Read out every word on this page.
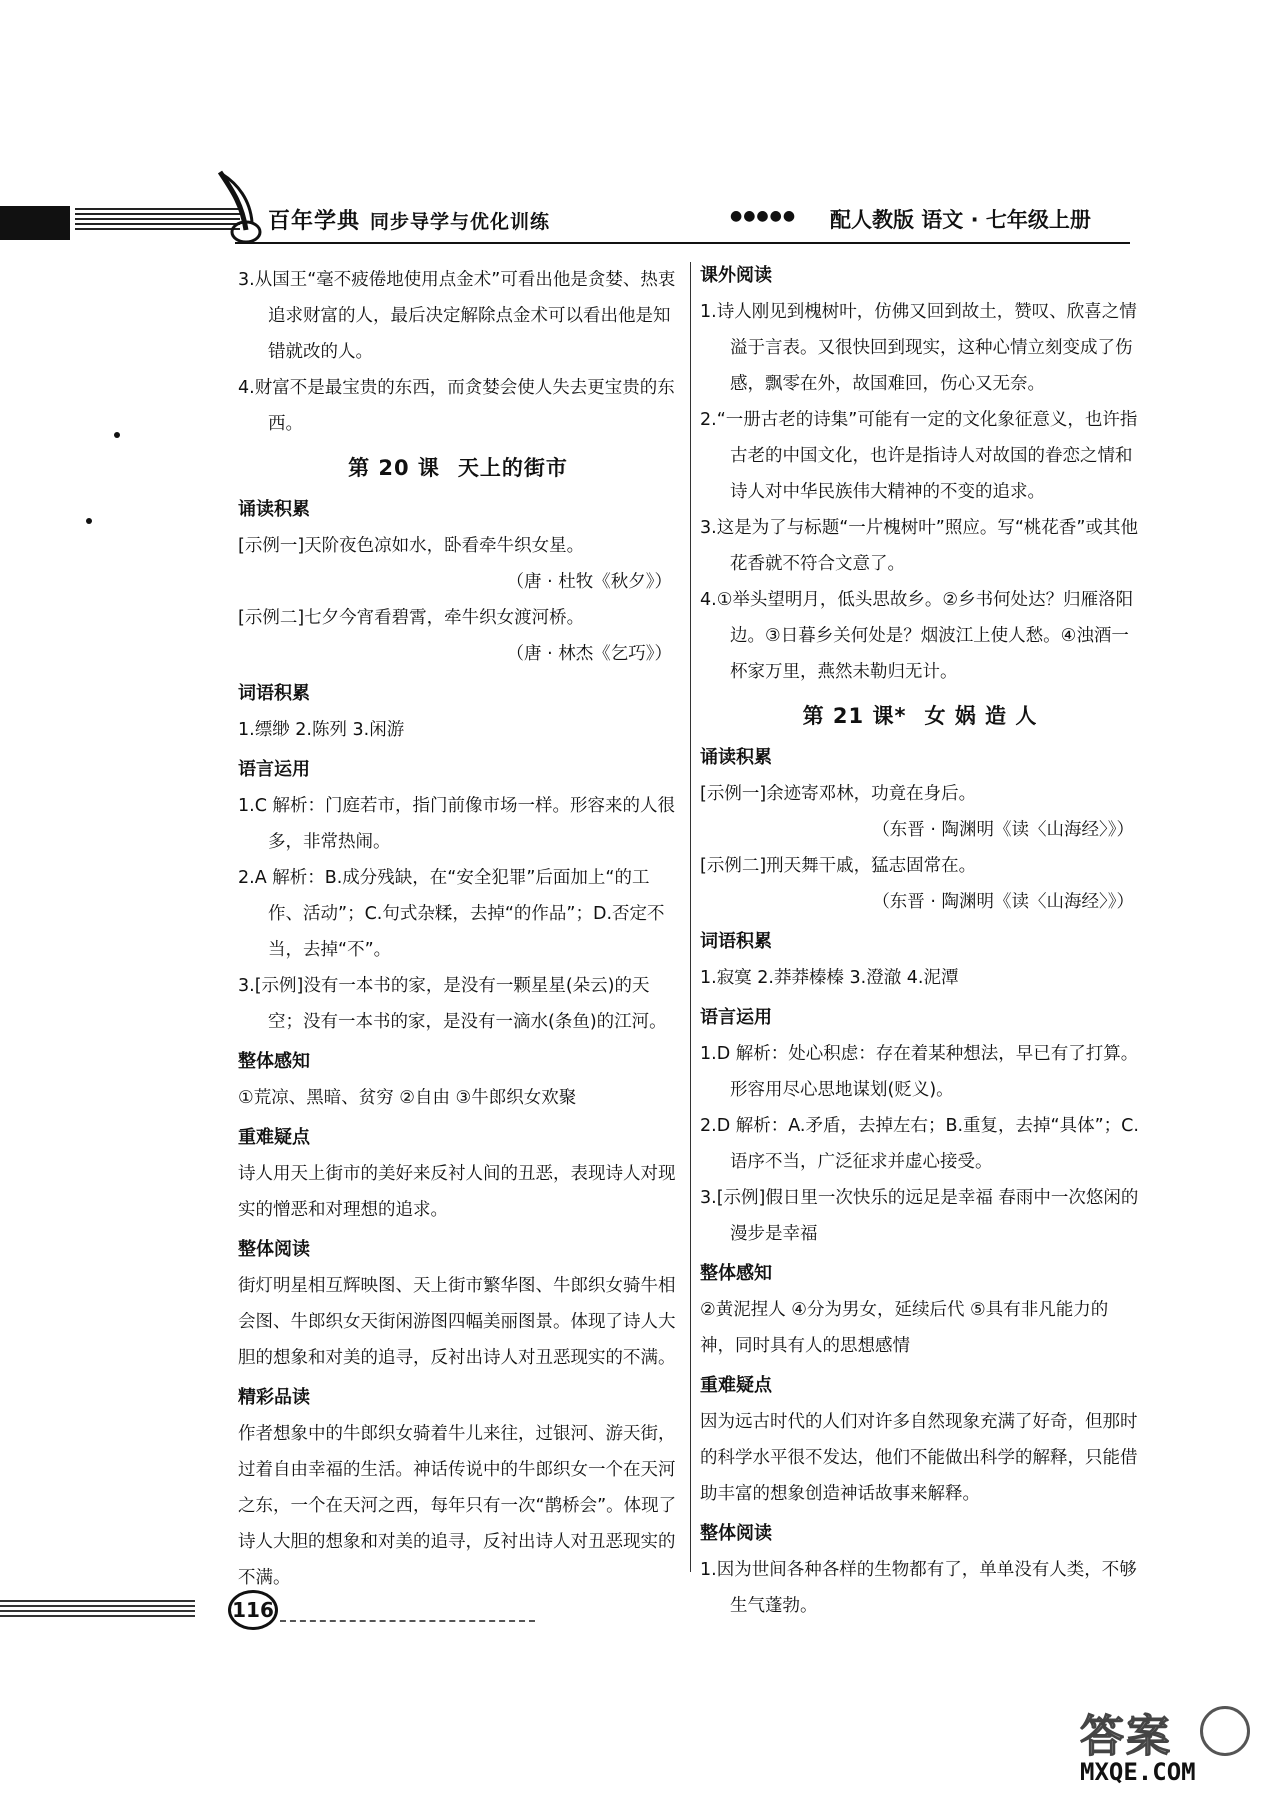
百年学典 同步导学与优化训练	●●●●● 配人教版 语文 · 七年级上册
3.从国王“毫不疲倦地使用点金术”可看出他是贪婪、热衷追求财富的人，最后决定解除点金术可以看出他是知错就改的人。
4.财富不是最宝贵的东西，而贪婪会使人失去更宝贵的东西。
第 20 课 天上的街市
诵读积累
[示例一]天阶夜色凉如水，卧看牵牛织女星。
（唐 · 杜牧《秋夕》）
[示例二]七夕今宵看碧霄，牵牛织女渡河桥。
（唐 · 林杰《乞巧》）
词语积累
1.缥缈 2.陈列 3.闲游
语言运用
1.C 解析：门庭若市，指门前像市场一样。形容来的人很多，非常热闹。
2.A 解析：B.成分残缺，在“安全犯罪”后面加上“的工作、活动”；C.句式杂糅，去掉“的作品”；D.否定不当，去掉“不”。
3.[示例]没有一本书的家，是没有一颗星星(朵云)的天空；没有一本书的家，是没有一滴水(条鱼)的江河。
整体感知
①荒凉、黑暗、贫穷 ②自由 ③牛郎织女欢聚
重难疑点
诗人用天上街市的美好来反衬人间的丑恶，表现诗人对现实的憎恶和对理想的追求。
整体阅读
街灯明星相互辉映图、天上街市繁华图、牛郎织女骑牛相会图、牛郎织女天街闲游图四幅美丽图景。体现了诗人大胆的想象和对美的追寻，反衬出诗人对丑恶现实的不满。
精彩品读
作者想象中的牛郎织女骑着牛儿来往，过银河、游天街，过着自由幸福的生活。神话传说中的牛郎织女一个在天河之东，一个在天河之西，每年只有一次“鹊桥会”。体现了诗人大胆的想象和对美的追寻，反衬出诗人对丑恶现实的不满。
课外阅读
1.诗人刚见到槐树叶，仿佛又回到故土，赞叹、欣喜之情溢于言表。又很快回到现实，这种心情立刻变成了伤感，飘零在外，故国难回，伤心又无奈。
2.“一册古老的诗集”可能有一定的文化象征意义，也许指古老的中国文化，也许是指诗人对故国的眷恋之情和诗人对中华民族伟大精神的不变的追求。
3.这是为了与标题“一片槐树叶”照应。写“桃花香”或其他花香就不符合文意了。
4.①举头望明月，低头思故乡。②乡书何处达？归雁洛阳边。③日暮乡关何处是？烟波江上使人愁。④浊酒一杯家万里，燕然未勒归无计。
第 21 课* 女 娲 造 人
诵读积累
[示例一]余迹寄邓林，功竟在身后。
（东晋 · 陶渊明《读〈山海经〉》）
[示例二]刑天舞干戚，猛志固常在。
（东晋 · 陶渊明《读〈山海经〉》）
词语积累
1.寂寞 2.莽莽榛榛 3.澄澈 4.泥潭
语言运用
1.D 解析：处心积虑：存在着某种想法，早已有了打算。形容用尽心思地谋划(贬义)。
2.D 解析：A.矛盾，去掉左右；B.重复，去掉“具体”；C.语序不当，广泛征求并虚心接受。
3.[示例]假日里一次快乐的远足是幸福 春雨中一次悠闲的漫步是幸福
整体感知
②黄泥捏人 ④分为男女，延续后代 ⑤具有非凡能力的神，同时具有人的思想感情
重难疑点
因为远古时代的人们对许多自然现象充满了好奇，但那时的科学水平很不发达，他们不能做出科学的解释，只能借助丰富的想象创造神话故事来解释。
整体阅读
1.因为世间各种各样的生物都有了，单单没有人类，不够生气蓬勃。
116
答案
MXQE.COM
